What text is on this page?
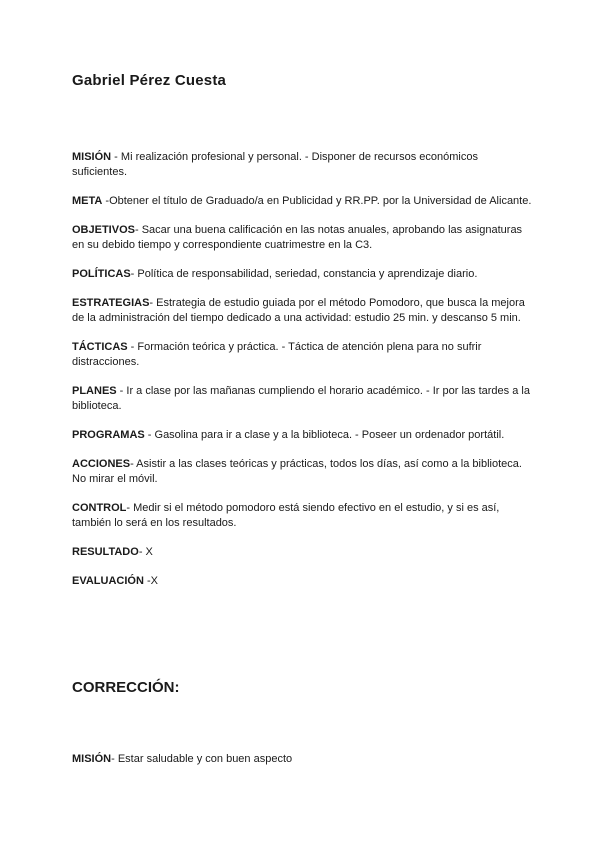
Gabriel Pérez Cuesta

MISIÓN - Mi realización profesional y personal. - Disponer de recursos económicos suficientes.

META -Obtener el título de Graduado/a en Publicidad y RR.PP. por la Universidad de Alicante.

OBJETIVOS- Sacar una buena calificación en las notas anuales, aprobando las asignaturas en su debido tiempo y correspondiente cuatrimestre en la C3.

POLÍTICAS- Política de responsabilidad, seriedad, constancia y aprendizaje diario.

ESTRATEGIAS- Estrategia de estudio guiada por el método Pomodoro, que busca la mejora de la administración del tiempo dedicado a una actividad: estudio 25 min. y descanso 5 min.

TÁCTICAS - Formación teórica y práctica. - Táctica de atención plena para no sufrir distracciones.

PLANES - Ir a clase por las mañanas cumpliendo el horario académico. - Ir por las tardes a la biblioteca.

PROGRAMAS - Gasolina para ir a clase y a la biblioteca. - Poseer un ordenador portátil.

ACCIONES- Asistir a las clases teóricas y prácticas, todos los días, así como a la biblioteca. No mirar el móvil.

CONTROL- Medir si el método pomodoro está siendo efectivo en el estudio, y si es así, también lo será en los resultados.

RESULTADO- X

EVALUACIÓN -X

CORRECCIÓN:

MISIÓN- Estar saludable y con buen aspecto
